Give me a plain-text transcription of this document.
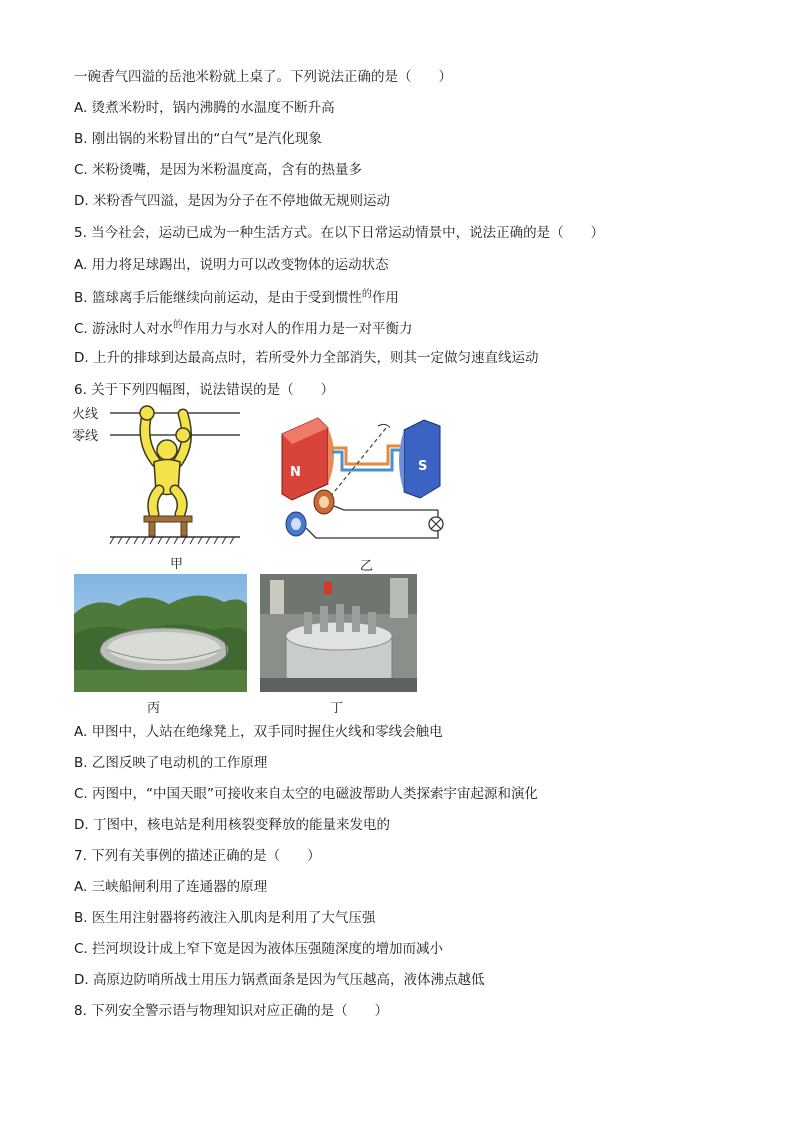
一碗香气四溢的岳池米粉就上桌了。下列说法正确的是（　　）
A. 烫煮米粉时，锅内沸腾的水温度不断升高
B. 刚出锅的米粉冒出的“白气”是汽化现象
C. 米粉烫嘴，是因为米粉温度高，含有的热量多
D. 米粉香气四溢，是因为分子在不停地做无规则运动
5. 当今社会，运动已成为一种生活方式。在以下日常运动情景中，说法正确的是（　　）
A. 用力将足球踢出，说明力可以改变物体的运动状态
B. 篮球离手后能继续向前运动，是由于受到惯性$^的$作用
C. 游泳时人对水$^的$作用力与水对人的作用力是一对平衡力
D. 上升的排球到达最高点时，若所受外力全部消失，则其一定做匀速直线运动
6. 关于下列四幅图，说法错误的是（　　）
火线
零线
甲
N	S
乙
丙	丁
A. 甲图中，人站在绝缘凳上，双手同时握住火线和零线会触电
B. 乙图反映了电动机的工作原理
C. 丙图中，“中国天眼”可接收来自太空的电磁波帮助人类探索宇宙起源和演化
D. 丁图中，核电站是利用核裂变释放的能量来发电的
7. 下列有关事例的描述正确的是（　　）
A. 三峡船闸利用了连通器的原理
B. 医生用注射器将药液注入肌肉是利用了大气压强
C. 拦河坝设计成上窄下宽是因为液体压强随深度的增加而减小
D. 高原边防哨所战士用压力锅煮面条是因为气压越高，液体沸点越低
8. 下列安全警示语与物理知识对应正确的是（　　）
